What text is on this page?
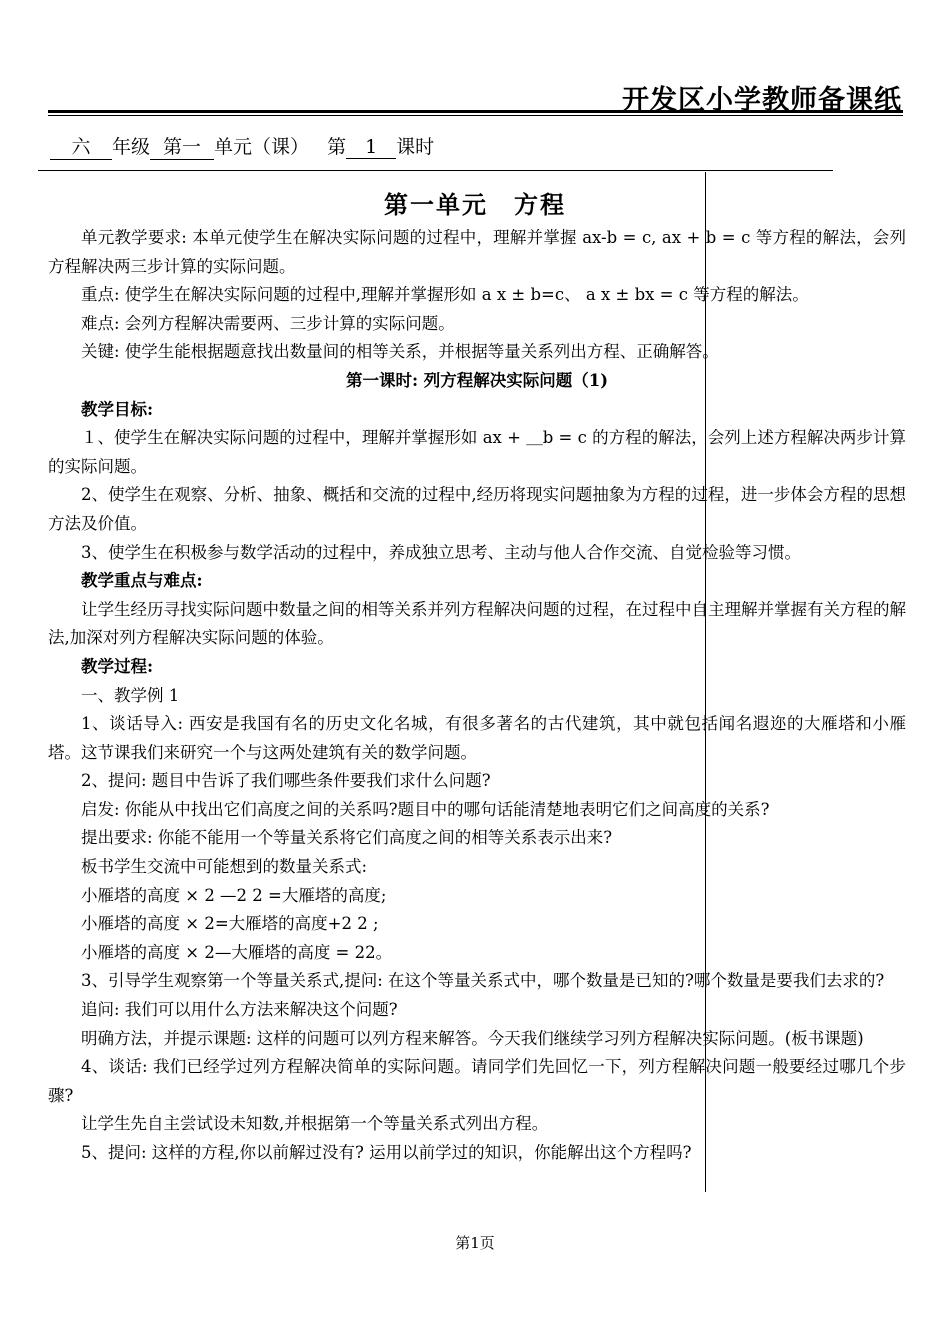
开发区小学教师备课纸
六 年级 第一 单元（课） 第 1 课时
第一单元　方程

单元教学要求: 本单元使学生在解决实际问题的过程中，理解并掌握 ax-b = c, ax + b = c 等方程的解法，会列方程解决两三步计算的实际问题。

重点: 使学生在解决实际问题的过程中,理解并掌握形如 a x ± b=c、 a x ± bx = c 等方程的解法。

难点: 会列方程解决需要两、三步计算的实际问题。

关键: 使学生能根据题意找出数量间的相等关系，并根据等量关系列出方程、正确解答。

第一课时: 列方程解决实际问题（1)

教学目标:

１、使学生在解决实际问题的过程中，理解并掌握形如 ax + ＿b = c 的方程的解法，会列上述方程解决两步计算的实际问题。

2、使学生在观察、分析、抽象、概括和交流的过程中,经历将现实问题抽象为方程的过程，进一步体会方程的思想方法及价值。

3、使学生在积极参与数学活动的过程中，养成独立思考、主动与他人合作交流、自觉检验等习惯。

教学重点与难点:

让学生经历寻找实际问题中数量之间的相等关系并列方程解决问题的过程，在过程中自主理解并掌握有关方程的解法,加深对列方程解决实际问题的体验。

教学过程:

一、教学例 1

1、谈话导入: 西安是我国有名的历史文化名城，有很多著名的古代建筑，其中就包括闻名遐迩的大雁塔和小雁塔。这节课我们来研究一个与这两处建筑有关的数学问题。

2、提问: 题目中告诉了我们哪些条件要我们求什么问题?

启发: 你能从中找出它们高度之间的关系吗?题目中的哪句话能清楚地表明它们之间高度的关系?

提出要求: 你能不能用一个等量关系将它们高度之间的相等关系表示出来?

板书学生交流中可能想到的数量关系式:

小雁塔的高度 × 2 —2 2 =大雁塔的高度;

小雁塔的高度 × 2=大雁塔的高度+2 2 ;

小雁塔的高度 × 2—大雁塔的高度 = 22。

3、引导学生观察第一个等量关系式,提问: 在这个等量关系式中，哪个数量是已知的?哪个数量是要我们去求的?

追问: 我们可以用什么方法来解决这个问题?

明确方法，并提示课题: 这样的问题可以列方程来解答。今天我们继续学习列方程解决实际问题。(板书课题)

4、谈话: 我们已经学过列方程解决简单的实际问题。请同学们先回忆一下，列方程解决问题一般要经过哪几个步骤?

让学生先自主尝试设未知数,并根据第一个等量关系式列出方程。

5、提问: 这样的方程,你以前解过没有? 运用以前学过的知识，你能解出这个方程吗?

第1页
